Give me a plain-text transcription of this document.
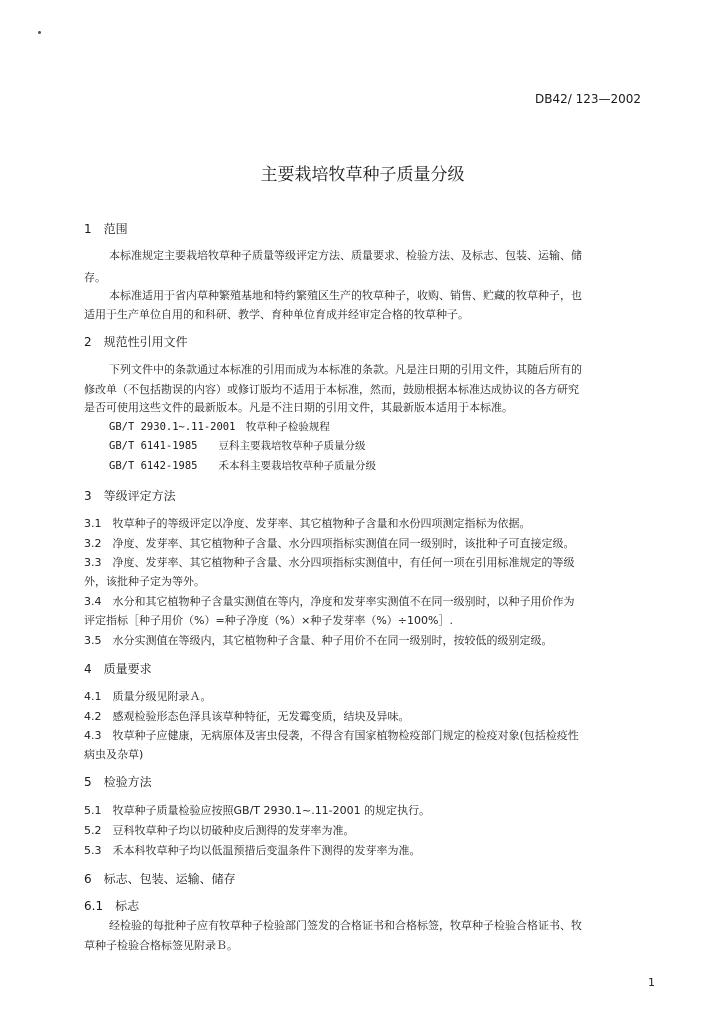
DB42/ 123—2002
主要栽培牧草种子质量分级
1　范围
本标准规定主要栽培牧草种子质量等级评定方法、质量要求、检验方法、及标志、包装、运输、储
存。
本标准适用于省内草种繁殖基地和特约繁殖区生产的牧草种子，收购、销售、贮藏的牧草种子，也
适用于生产单位自用的和科研、教学、育种单位育成并经审定合格的牧草种子。
2　规范性引用文件
下列文件中的条款通过本标准的引用而成为本标准的条款。凡是注日期的引用文件，其随后所有的
修改单（不包括勘误的内容）或修订版均不适用于本标准，然而，鼓励根据本标准达成协议的各方研究
是否可使用这些文件的最新版本。凡是不注日期的引用文件，其最新版本适用于本标准。
GB/T 2930.1~.11-2001　牧草种子检验规程
GB/T 6141-1985　　豆科主要栽培牧草种子质量分级
GB/T 6142-1985　　禾本科主要栽培牧草种子质量分级
3　等级评定方法
3.1　牧草种子的等级评定以净度、发芽率、其它植物种子含量和水份四项测定指标为依据。
3.2　净度、发芽率、其它植物种子含量、水分四项指标实测值在同一级别时，该批种子可直接定级。
3.3　净度、发芽率、其它植物种子含量、水分四项指标实测值中，有任何一项在引用标准规定的等级
外，该批种子定为等外。
3.4　水分和其它植物种子含量实测值在等内，净度和发芽率实测值不在同一级别时，以种子用价作为
评定指标［种子用价（%）=种子净度（%）×种子发芽率（%）÷100%］.
3.5　水分实测值在等级内，其它植物种子含量、种子用价不在同一级别时，按较低的级别定级。
4　质量要求
4.1　质量分级见附录Ａ。
4.2　感观检验形态色泽具该草种特征，无发霉变质，结块及异味。
4.3　牧草种子应健康，无病原体及害虫侵袭，不得含有国家植物检疫部门规定的检疫对象(包括检疫性
病虫及杂草)
5　检验方法
5.1　牧草种子质量检验应按照GB/T 2930.1~.11-2001 的规定执行。
5.2　豆科牧草种子均以切破种皮后测得的发芽率为准。
5.3　禾本科牧草种子均以低温预措后变温条件下测得的发芽率为准。
6　标志、包装、运输、储存
6.1　标志
经检验的每批种子应有牧草种子检验部门签发的合格证书和合格标签，牧草种子检验合格证书、牧
草种子检验合格标签见附录Ｂ。
1
